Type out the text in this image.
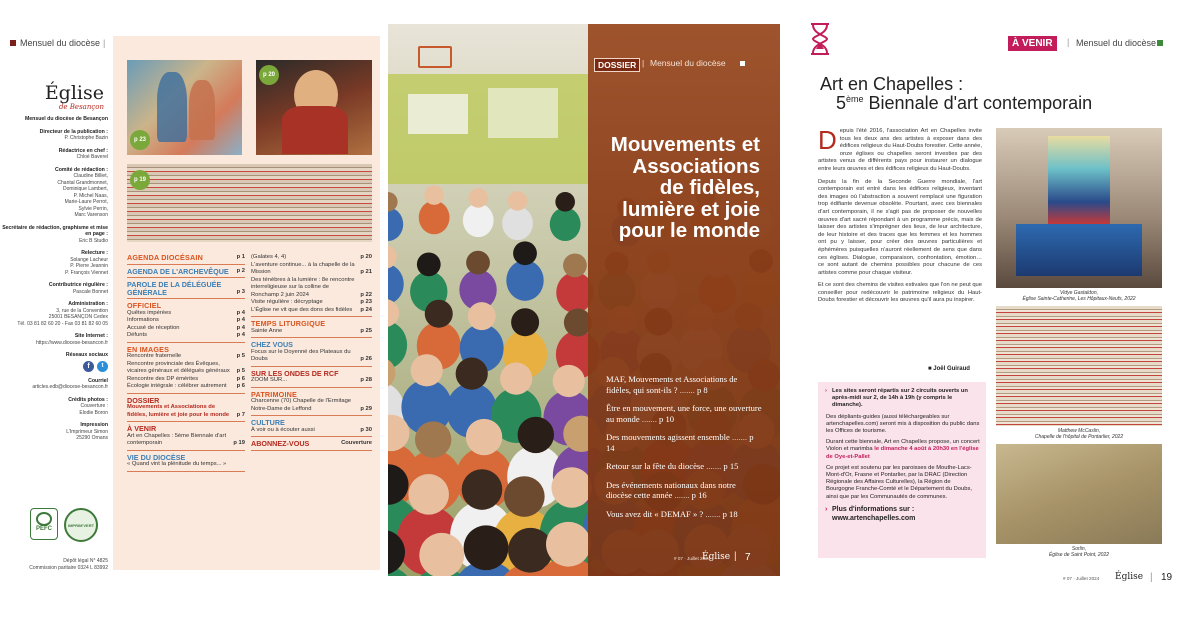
Mensuel du diocèse |
Église
de Besançon
Mensuel du diocèse de Besançon
Directeur de la publication :
P. Christophe Bazin
Rédactrice en chef :
Chloé Baverel
Comité de rédaction :
Claudine Billiet,
Chantal Grandmonnet,
Dominique Lambert,
P. Michel Naas,
Marie-Laure Perrot,
Sylvie Perrin,
Marc Varenson
Secrétaire de rédaction, graphisme et mise en page :
Eric B Studio
Relecture :
Solange Lacheur
P. Pierre Jeannin
P. François Viennet
Contributrice régulière :
Pascale Bonnet
Administration :
3, rue de la Convention
25001 BESANÇON Cedex
Tél. 03 81 82 60 20 - Fax 03 81 82 60 05
Site Internet :
https://www.diocese-besancon.fr
Réseaux sociaux
f	t
Courriel
articles.edb@diocese-besancon.fr
Crédits photos :
Couverture :
Elodie Boron
Impression
L'Imprimeur Simon
25290 Ornans
PEFC
IMPRIM'VERT
Dépôt légal N° 4825
Commission paritaire 0324 L 83992
p 23
p 20
p 19
AGENDA DIOCÉSAIN	p 1
AGENDA DE L'ARCHEVÊQUE	p 2
PAROLE DE LA DÉLÉGUÉE GÉNÉRALE	p 3
OFFICIEL
Quêtes impérées	p 4
Informations	p 4
Accusé de réception	p 4
Défunts	p 4
EN IMAGES
Rencontre fraternelle	p 5
Rencontre provinciale des Évêques, vicaires généraux et délégués généraux	p 5
Rencontre des DP émérites	p 6
Écologie intégrale : célébrer autrement	p 6
DOSSIER
Mouvements et Associations de fidèles, lumière et joie pour le monde	p 7
À VENIR
Art en Chapelles : 5ème Biennale d'art contemporain	p 19
VIE DU DIOCÈSE
« Quand vint la plénitude du temps... »
(Galates 4, 4)	p 20
L'aventure continue... à la chapelle de la Mission	p 21
Des ténèbres à la lumière : 8e rencontre interreligieuse sur la colline de Ronchamp 2 juin 2024	p 22
Visite régulière : décryptage	p 23
L'Église ne vit que des dons des fidèles	p 24
TEMPS LITURGIQUE
Sainte Anne	p 25
CHEZ VOUS
Focus sur le Doyenné des Plateaux du Doubs	p 26
SUR LES ONDES DE RCF
ZOOM SUR...	p 28
PATRIMOINE
Charcenne (70) Chapelle de l'Ermitage Notre-Dame de Leffond	p 29
CULTURE
À voir ou à écouter aussi	p 30
ABONNEZ-VOUS	Couverture
DOSSIER | Mensuel du diocèse
Mouvements et
Associations
de fidèles,
lumière et joie
pour le monde
MAF, Mouvements et Associations de fidèles, qui sont-ils ? ....... p 8
Être en mouvement, une force, une ouverture au monde ....... p 10
Des mouvements agissent ensemble ....... p 14
Retour sur la fête du diocèse ....... p 15
Des événements nationaux dans notre diocèse cette année ....... p 16
Vous avez dit « DEMAF » ? ....... p 18
# 07 · Juillet 2024
Église | 7
À VENIR	| Mensuel du diocèse
Art en Chapelles :
5ème Biennale d'art contemporain

Depuis l'été 2016, l'association Art en Chapelles invite tous les deux ans des artistes à exposer dans des édifices religieux du Haut-Doubs forestier. Cette année, onze églises ou chapelles seront investies par des artistes venus de différents pays pour instaurer un dialogue entre leurs œuvres et des édifices religieux du Haut-Doubs.

Depuis la fin de la Seconde Guerre mondiale, l'art contemporain est entré dans les édifices religieux, inventant des images où l'abstraction a souvent remplacé une figuration trop édifiante devenue obsolète. Pourtant, avec ces biennales d'art contemporain, il ne s'agit pas de proposer de nouvelles œuvres d'art sacré répondant à un programme précis, mais de laisser des artistes s'imprégner des lieux, de leur architecture, de leur histoire et des traces que les femmes et les hommes ont pu y laisser, pour créer des œuvres particulières et éphémères puisquelles n'auront réellement de sens que dans ces églises. Dialogue, comparaison, confrontation, émotion… ce sont autant de chemins possibles pour chacune de ces artistes comme pour chaque visiteur.

Et ce sont des chemins de visites estivales que l'on ne peut que conseiller pour redécouvrir le patrimoine religieux du Haut-Doubs forestier et découvrir les œuvres qu'il aura pu inspirer.

■ Joël Guiraud
› Les sites seront répartis sur 2 circuits ouverts un après-midi sur 2, de 14h à 19h (y compris le dimanche).
Des dépliants-guides (aussi téléchargeables sur artenchapelles.com) seront mis à disposition du public dans les Offices de tourisme.
Durant cette biennale, Art en Chapelles propose, un concert Violon et marimba le dimanche 4 août à 20h30 en l'église de Oye-et-Pallet
Ce projet est soutenu par les paroisses de Mouthe-Lacs-Mont-d'Or, Frasne et Pontarlier, par la DRAC (Direction Régionale des Affaires Culturelles), la Région de Bourgogne Franche-Comté et le Département du Doubs, ainsi que par les Communautés de communes.
› Plus d'informations sur :
www.artenchapelles.com
Vidye Gastaldon,
Église Sainte-Catherine, Les Hôpitaux-Neufs, 2022
Matthew McCaslin,
Chapelle de l'hôpital de Pontarlier, 2022
Sorlin,
Église de Saint Point, 2022
# 07 · Juillet 2024 Église | 19
